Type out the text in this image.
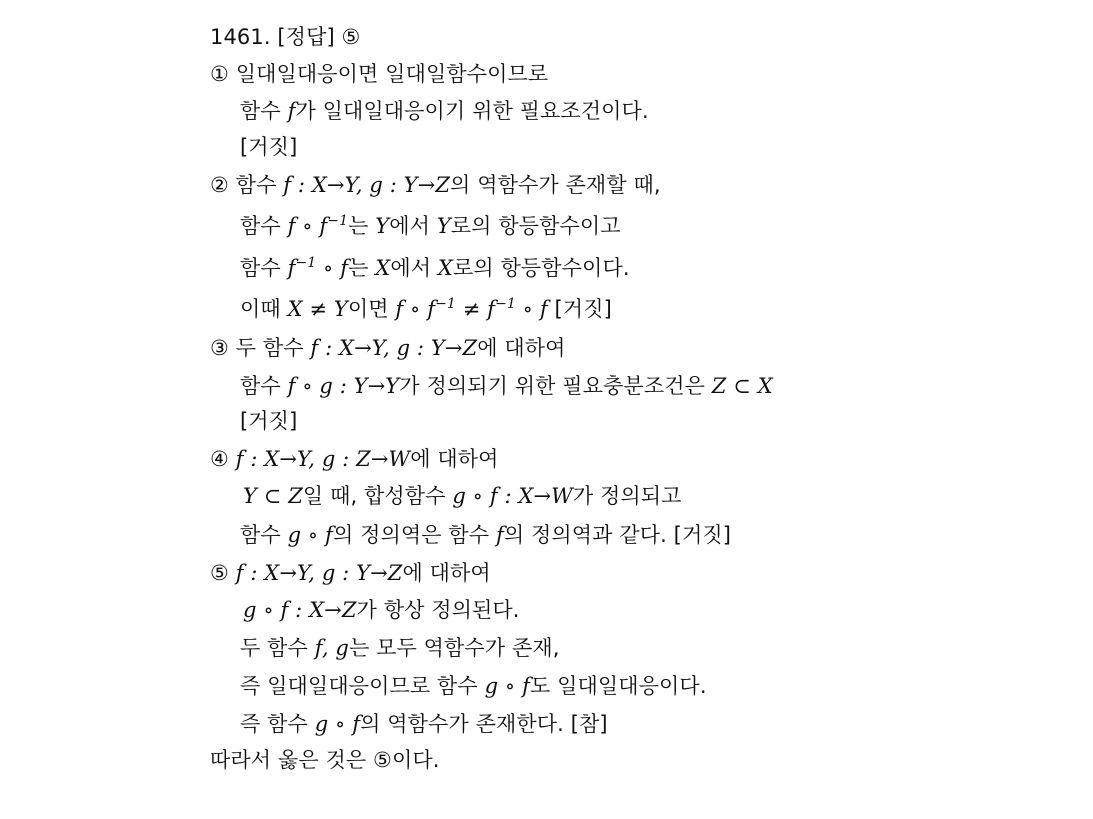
1461. [정답] ⑤
① 일대일대응이면 일대일함수이므로
함수 f가 일대일대응이기 위한 필요조건이다.
[거짓]
② 함수 f : X→Y, g : Y→Z의 역함수가 존재할 때,
함수 f ∘ $f^{-1}$는 Y에서 Y로의 항등함수이고
함수 $f^{-1}$ ∘ f는 X에서 X로의 항등함수이다.
이때 X ≠ Y이면 f ∘ $f^{-1} \ne f^{-1}$ ∘ f [거짓]
③ 두 함수 f : X→Y, g : Y→Z에 대하여
함수 f ∘ g : Y→Y가 정의되기 위한 필요충분조건은 Z ⊂ X
[거짓]
④ f : X→Y, g : Z→W에 대하여
Y ⊂ Z일 때, 합성함수 g ∘ f : X→W가 정의되고
함수 g ∘ f의 정의역은 함수 f의 정의역과 같다. [거짓]
⑤ f : X→Y, g : Y→Z에 대하여
g ∘ f : X→Z가 항상 정의된다.
두 함수 f, g는 모두 역함수가 존재,
즉 일대일대응이므로 함수 g ∘ f도 일대일대응이다.
즉 함수 g ∘ f의 역함수가 존재한다. [참]
따라서 옳은 것은 ⑤이다.
